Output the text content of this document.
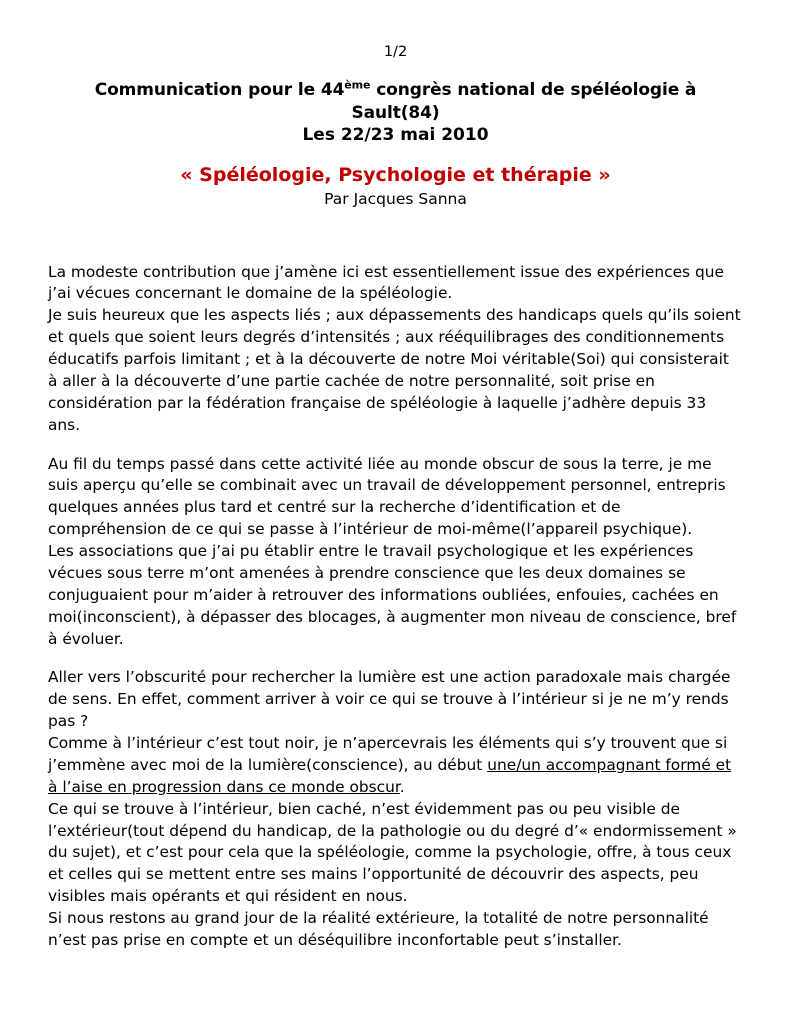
1/2
Communication pour le 44ème congrès national de spéléologie à Sault(84)
Les 22/23 mai 2010
« Spéléologie, Psychologie et thérapie »
Par Jacques Sanna

La modeste contribution que j’amène ici est essentiellement issue des expériences que j’ai vécues concernant le domaine de la spéléologie.
Je suis heureux que les aspects liés ; aux dépassements des handicaps quels qu’ils soient et quels que soient leurs degrés d’intensités ; aux rééquilibrages des conditionnements éducatifs parfois limitant ; et à la découverte de notre Moi véritable(Soi) qui consisterait à aller à la découverte d’une partie cachée de notre personnalité, soit prise en considération par la fédération française de spéléologie à laquelle j’adhère depuis 33 ans.

Au fil du temps passé dans cette activité liée au monde obscur de sous la terre, je me suis aperçu qu’elle se combinait avec un travail de développement personnel, entrepris quelques années plus tard et centré sur la recherche d’identification et de compréhension de ce qui se passe à l’intérieur de moi-même(l’appareil psychique).
Les associations que j’ai pu établir entre le travail psychologique et les expériences vécues sous terre m’ont amenées à prendre conscience que les deux domaines se conjuguaient pour m’aider à retrouver des informations oubliées, enfouies, cachées en moi(inconscient), à dépasser des blocages, à augmenter mon niveau de conscience, bref à évoluer.

Aller vers l’obscurité pour rechercher la lumière est une action paradoxale mais chargée de sens. En effet, comment arriver à voir ce qui se trouve à l’intérieur si je ne m’y rends pas ?
Comme à l’intérieur c’est tout noir, je n’apercevrais les éléments qui s’y trouvent que si j’emmène avec moi de la lumière(conscience), au début une/un accompagnant formé et à l’aise en progression dans ce monde obscur.
Ce qui se trouve à l’intérieur, bien caché, n’est évidemment pas ou peu visible de l’extérieur(tout dépend du handicap, de la pathologie ou du degré d’« endormissement » du sujet), et c’est pour cela que la spéléologie, comme la psychologie, offre, à tous ceux et celles qui se mettent entre ses mains l’opportunité de découvrir des aspects, peu visibles mais opérants et qui résident en nous.
Si nous restons au grand jour de la réalité extérieure, la totalité de notre personnalité n’est pas prise en compte et un déséquilibre inconfortable peut s’installer.
